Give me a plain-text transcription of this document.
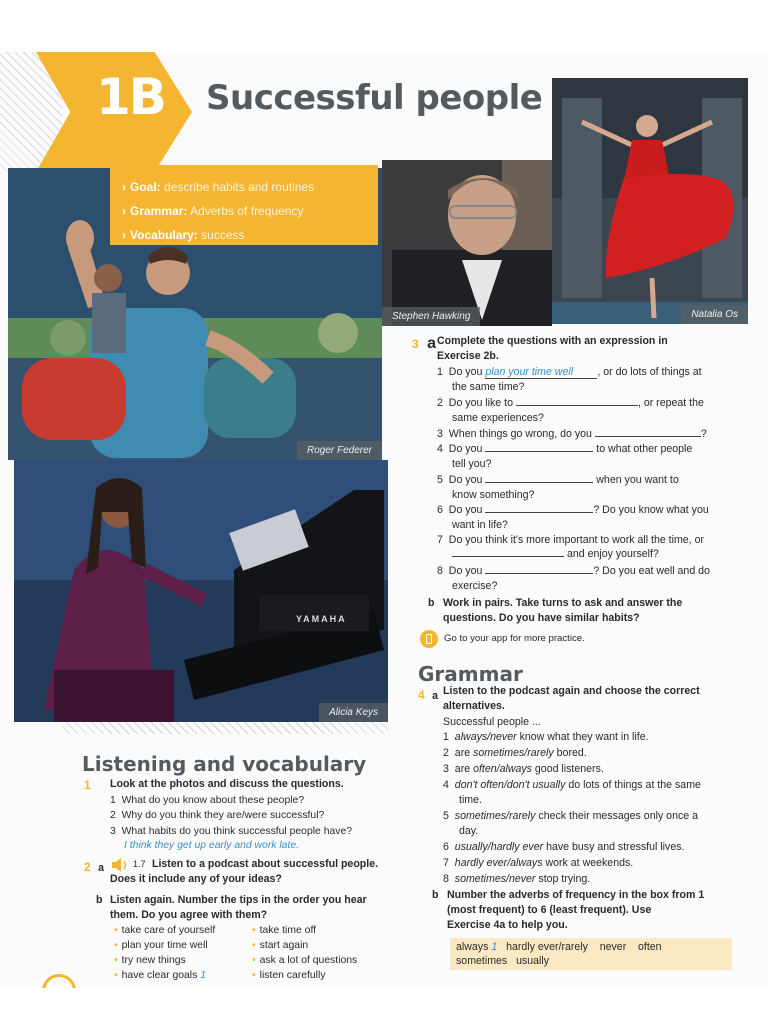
1B Successful people
Roger Federer
› Goal: describe habits and routines
› Grammar: Adverbs of frequency
› Vocabulary: success
Stephen Hawking	Natalia Os
Alicia Keys
YAMAHA
3 a Complete the questions with an expression in
Exercise 2b.
1 Do you plan your time well , or do lots of things at
the same time?
2 Do you like to	, or repeat the
same experiences?
3 When things go wrong, do you	?
4 Do you	to what other people
tell you?
5 Do you	when you want to
know something?
6 Do you	? Do you know what you
want in life?
7 Do you think it's more important to work all the time, or
and enjoy yourself?
8 Do you	? Do you eat well and do
exercise?
b Work in pairs. Take turns to ask and answer the
questions. Do you have similar habits?
Go to your app for more practice.
Grammar
4 a Listen to the podcast again and choose the correct
alternatives.
Successful people ...
1 always/never know what they want in life.
2 are sometimes/rarely bored.
3 are often/always good listeners.
4 don't often/don't usually do lots of things at the same
time.
5 sometimes/rarely check their messages only once a
day.
6 usually/hardly ever have busy and stressful lives.
7 hardly ever/always work at weekends.
8 sometimes/never stop trying.
b Number the adverbs of frequency in the box from 1
(most frequent) to 6 (least frequent). Use
Exercise 4a to help you.
always 1 hardly ever/rarely never often
sometimes usually
Listening and vocabulary
1 Look at the photos and discuss the questions.
1 What do you know about these people?
2 Why do you think they are/were successful?
3 What habits do you think successful people have?
I think they get up early and work late.
2 a	1.7 Listen to a podcast about successful people.
Does it include any of your ideas?
b Listen again. Number the tips in the order you hear
them. Do you agree with them?
• take care of yourself
• plan your time well
• try new things
• have clear goals 1
• take time off
• start again
• ask a lot of questions
• listen carefully
